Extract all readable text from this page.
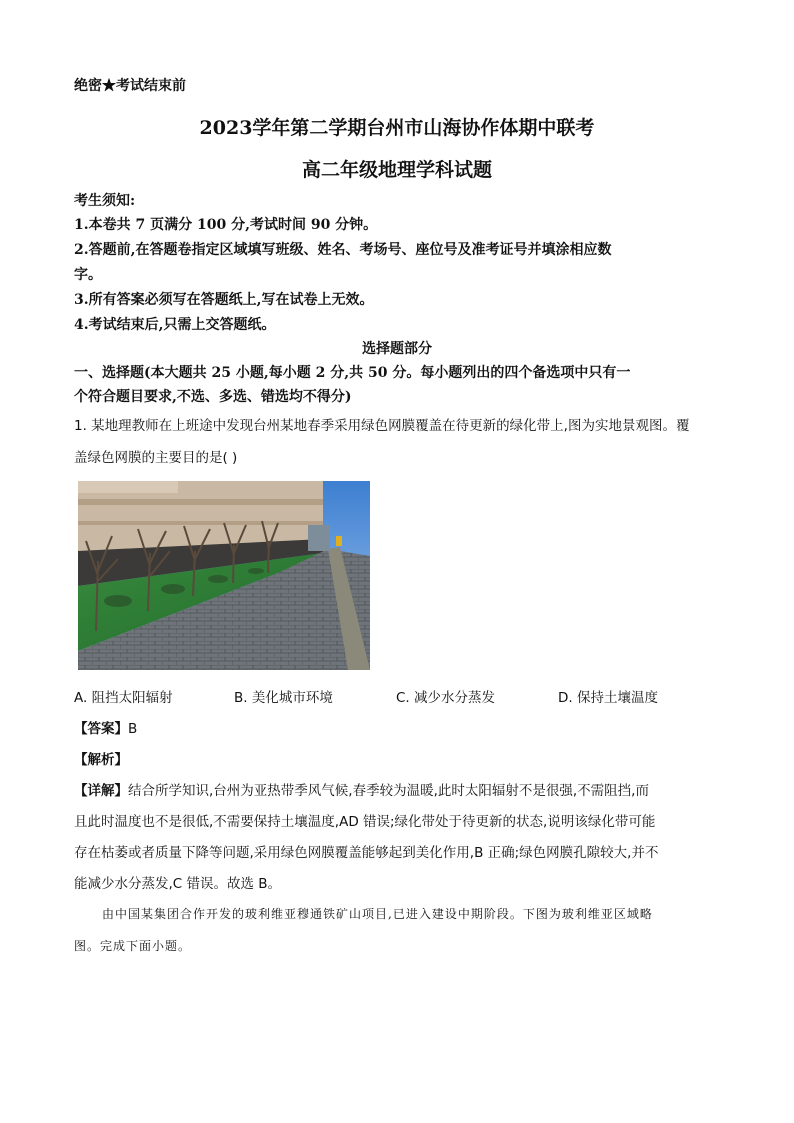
绝密★考试结束前
2023学年第二学期台州市山海协作体期中联考
高二年级地理学科试题
考生须知:
1.本卷共 7 页满分 100 分,考试时间 90 分钟。
2.答题前,在答题卷指定区域填写班级、姓名、考场号、座位号及准考证号并填涂相应数
字。
3.所有答案必须写在答题纸上,写在试卷上无效。
4.考试结束后,只需上交答题纸。
选择题部分
一、选择题(本大题共 25 小题,每小题 2 分,共 50 分。每小题列出的四个备选项中只有一
个符合题目要求,不选、多选、错选均不得分)
1. 某地理教师在上班途中发现台州某地春季采用绿色网膜覆盖在待更新的绿化带上,图为实地景观图。覆
盖绿色网膜的主要目的是( )
A. 阻挡太阳辐射	B. 美化城市环境	C. 减少水分蒸发	D. 保持土壤温度
【答案】B
【解析】
【详解】结合所学知识,台州为亚热带季风气候,春季较为温暖,此时太阳辐射不是很强,不需阻挡,而
且此时温度也不是很低,不需要保持土壤温度,AD 错误;绿化带处于待更新的状态,说明该绿化带可能
存在枯萎或者质量下降等问题,采用绿色网膜覆盖能够起到美化作用,B 正确;绿色网膜孔隙较大,并不
能减少水分蒸发,C 错误。故选 B。
由中国某集团合作开发的玻利维亚穆通铁矿山项目,已进入建设中期阶段。下图为玻利维亚区域略
图。完成下面小题。
